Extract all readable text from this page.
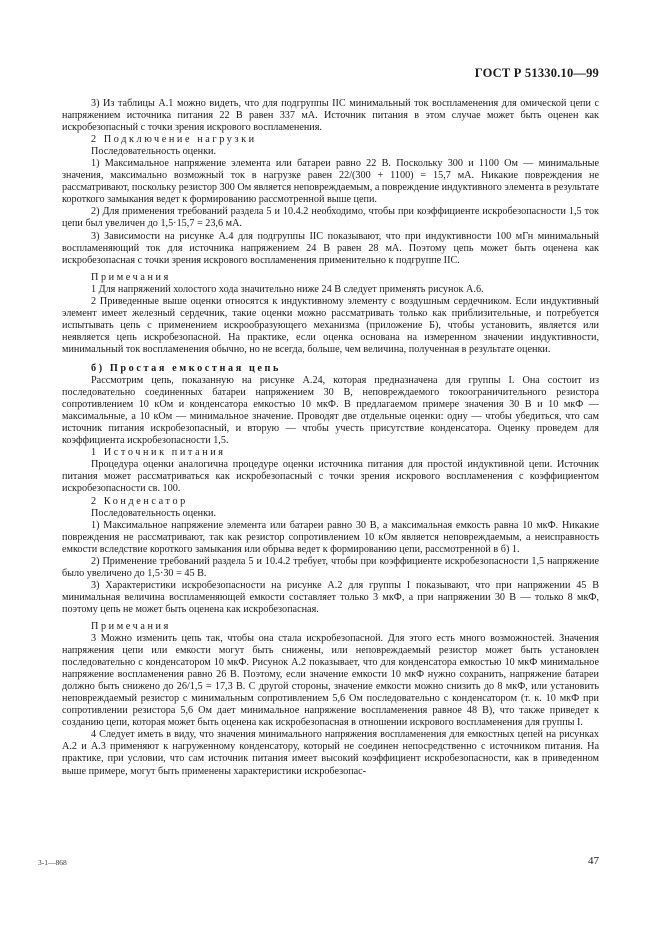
ГОСТ Р 51330.10—99

3) Из таблицы А.1 можно видеть, что для подгруппы IIС минимальный ток воспламенения для омической цепи с напряжением источника питания 22 В равен 337 мА. Источник питания в этом случае может быть оценен как искробезопасный с точки зрения искрового воспламенения.

2 Подключение нагрузки

Последовательность оценки.

1) Максимальное напряжение элемента или батареи равно 22 В. Поскольку 300 и 1100 Ом — минимальные значения, максимально возможный ток в нагрузке равен 22/(300 + 1100) = 15,7 мА. Никакие повреждения не рассматривают, поскольку резистор 300 Ом является неповреждаемым, а повреждение индуктивного элемента в результате короткого замыкания ведет к формированию рассмотренной выше цепи.

2) Для применения требований раздела 5 и 10.4.2 необходимо, чтобы при коэффициенте искробезопасности 1,5 ток цепи был увеличен до 1,5·15,7 = 23,6 мА.

3) Зависимости на рисунке А.4 для подгруппы IIС показывают, что при индуктивности 100 мГн минимальный воспламеняющий ток для источника напряжением 24 В равен 28 мА. Поэтому цепь может быть оценена как искробезопасная с точки зрения искрового воспламенения применительно к подгруппе IIС.

Примечания

1 Для напряжений холостого хода значительно ниже 24 В следует применять рисунок А.6.

2 Приведенные выше оценки относятся к индуктивному элементу с воздушным сердечником. Если индуктивный элемент имеет железный сердечник, такие оценки можно рассматривать только как приблизительные, и потребуется испытывать цепь с применением искрообразующего механизма (приложение Б), чтобы установить, является или неявляется цепь искробезопасной. На практике, если оценка основана на измеренном значении индуктивности, минимальный ток воспламенения обычно, но не всегда, больше, чем величина, полученная в результате оценки.

б) Простая емкостная цепь

Рассмотрим цепь, показанную на рисунке А.24, которая предназначена для группы I. Она состоит из последовательно соединенных батареи напряжением 30 В, неповреждаемого токоограничительного резистора сопротивлением 10 кОм и конденсатора емкостью 10 мкФ. В предлагаемом примере значения 30 В и 10 мкФ — максимальные, а 10 кОм — минимальное значение. Проводят две отдельные оценки: одну — чтобы убедиться, что сам источник питания искробезопасный, и вторую — чтобы учесть присутствие конденсатора. Оценку проведем для коэффициента искробезопасности 1,5.

1 Источник питания

Процедура оценки аналогична процедуре оценки источника питания для простой индуктивной цепи. Источник питания может рассматриваться как искробезопасный с точки зрения искрового воспламенения с коэффициентом искробезопасности св. 100.

2 Конденсатор

Последовательность оценки.

1) Максимальное напряжение элемента или батареи равно 30 В, а максимальная емкость равна 10 мкФ. Никакие повреждения не рассматривают, так как резистор сопротивлением 10 кОм является неповреждаемым, а неисправность емкости вследствие короткого замыкания или обрыва ведет к формированию цепи, рассмотренной в б) 1.

2) Применение требований раздела 5 и 10.4.2 требует, чтобы при коэффициенте искробезопасности 1,5 напряжение было увеличено до 1,5·30 = 45 В.

3) Характеристики искробезопасности на рисунке А.2 для группы I показывают, что при напряжении 45 В минимальная величина воспламеняющей емкости составляет только 3 мкФ, а при напряжении 30 В — только 8 мкФ, поэтому цепь не может быть оценена как искробезопасная.

Примечания

3 Можно изменить цепь так, чтобы она стала искробезопасной. Для этого есть много возможностей. Значения напряжения цепи или емкости могут быть снижены, или неповреждаемый резистор может быть установлен последовательно с конденсатором 10 мкФ. Рисунок А.2 показывает, что для конденсатора емкостью 10 мкФ минимальное напряжение воспламенения равно 26 В. Поэтому, если значение емкости 10 мкФ нужно сохранить, напряжение батареи должно быть снижено до 26/1,5 = 17,3 В. С другой стороны, значение емкости можно снизить до 8 мкФ, или установить неповреждаемый резистор с минимальным сопротивлением 5,6 Ом последовательно с конденсатором (т. к. 10 мкФ при сопротивлении резистора 5,6 Ом дает минимальное напряжение воспламенения равное 48 В), что также приведет к созданию цепи, которая может быть оценена как искробезопасная в отношении искрового воспламенения для группы I.

4 Следует иметь в виду, что значения минимального напряжения воспламенения для емкостных цепей на рисунках А.2 и А.3 применяют к нагруженному конденсатору, который не соединен непосредственно с источником питания. На практике, при условии, что сам источник питания имеет высокий коэффициент искробезопасности, как в приведенном выше примере, могут быть применены характеристики искробезопас-

3-1—868	47
